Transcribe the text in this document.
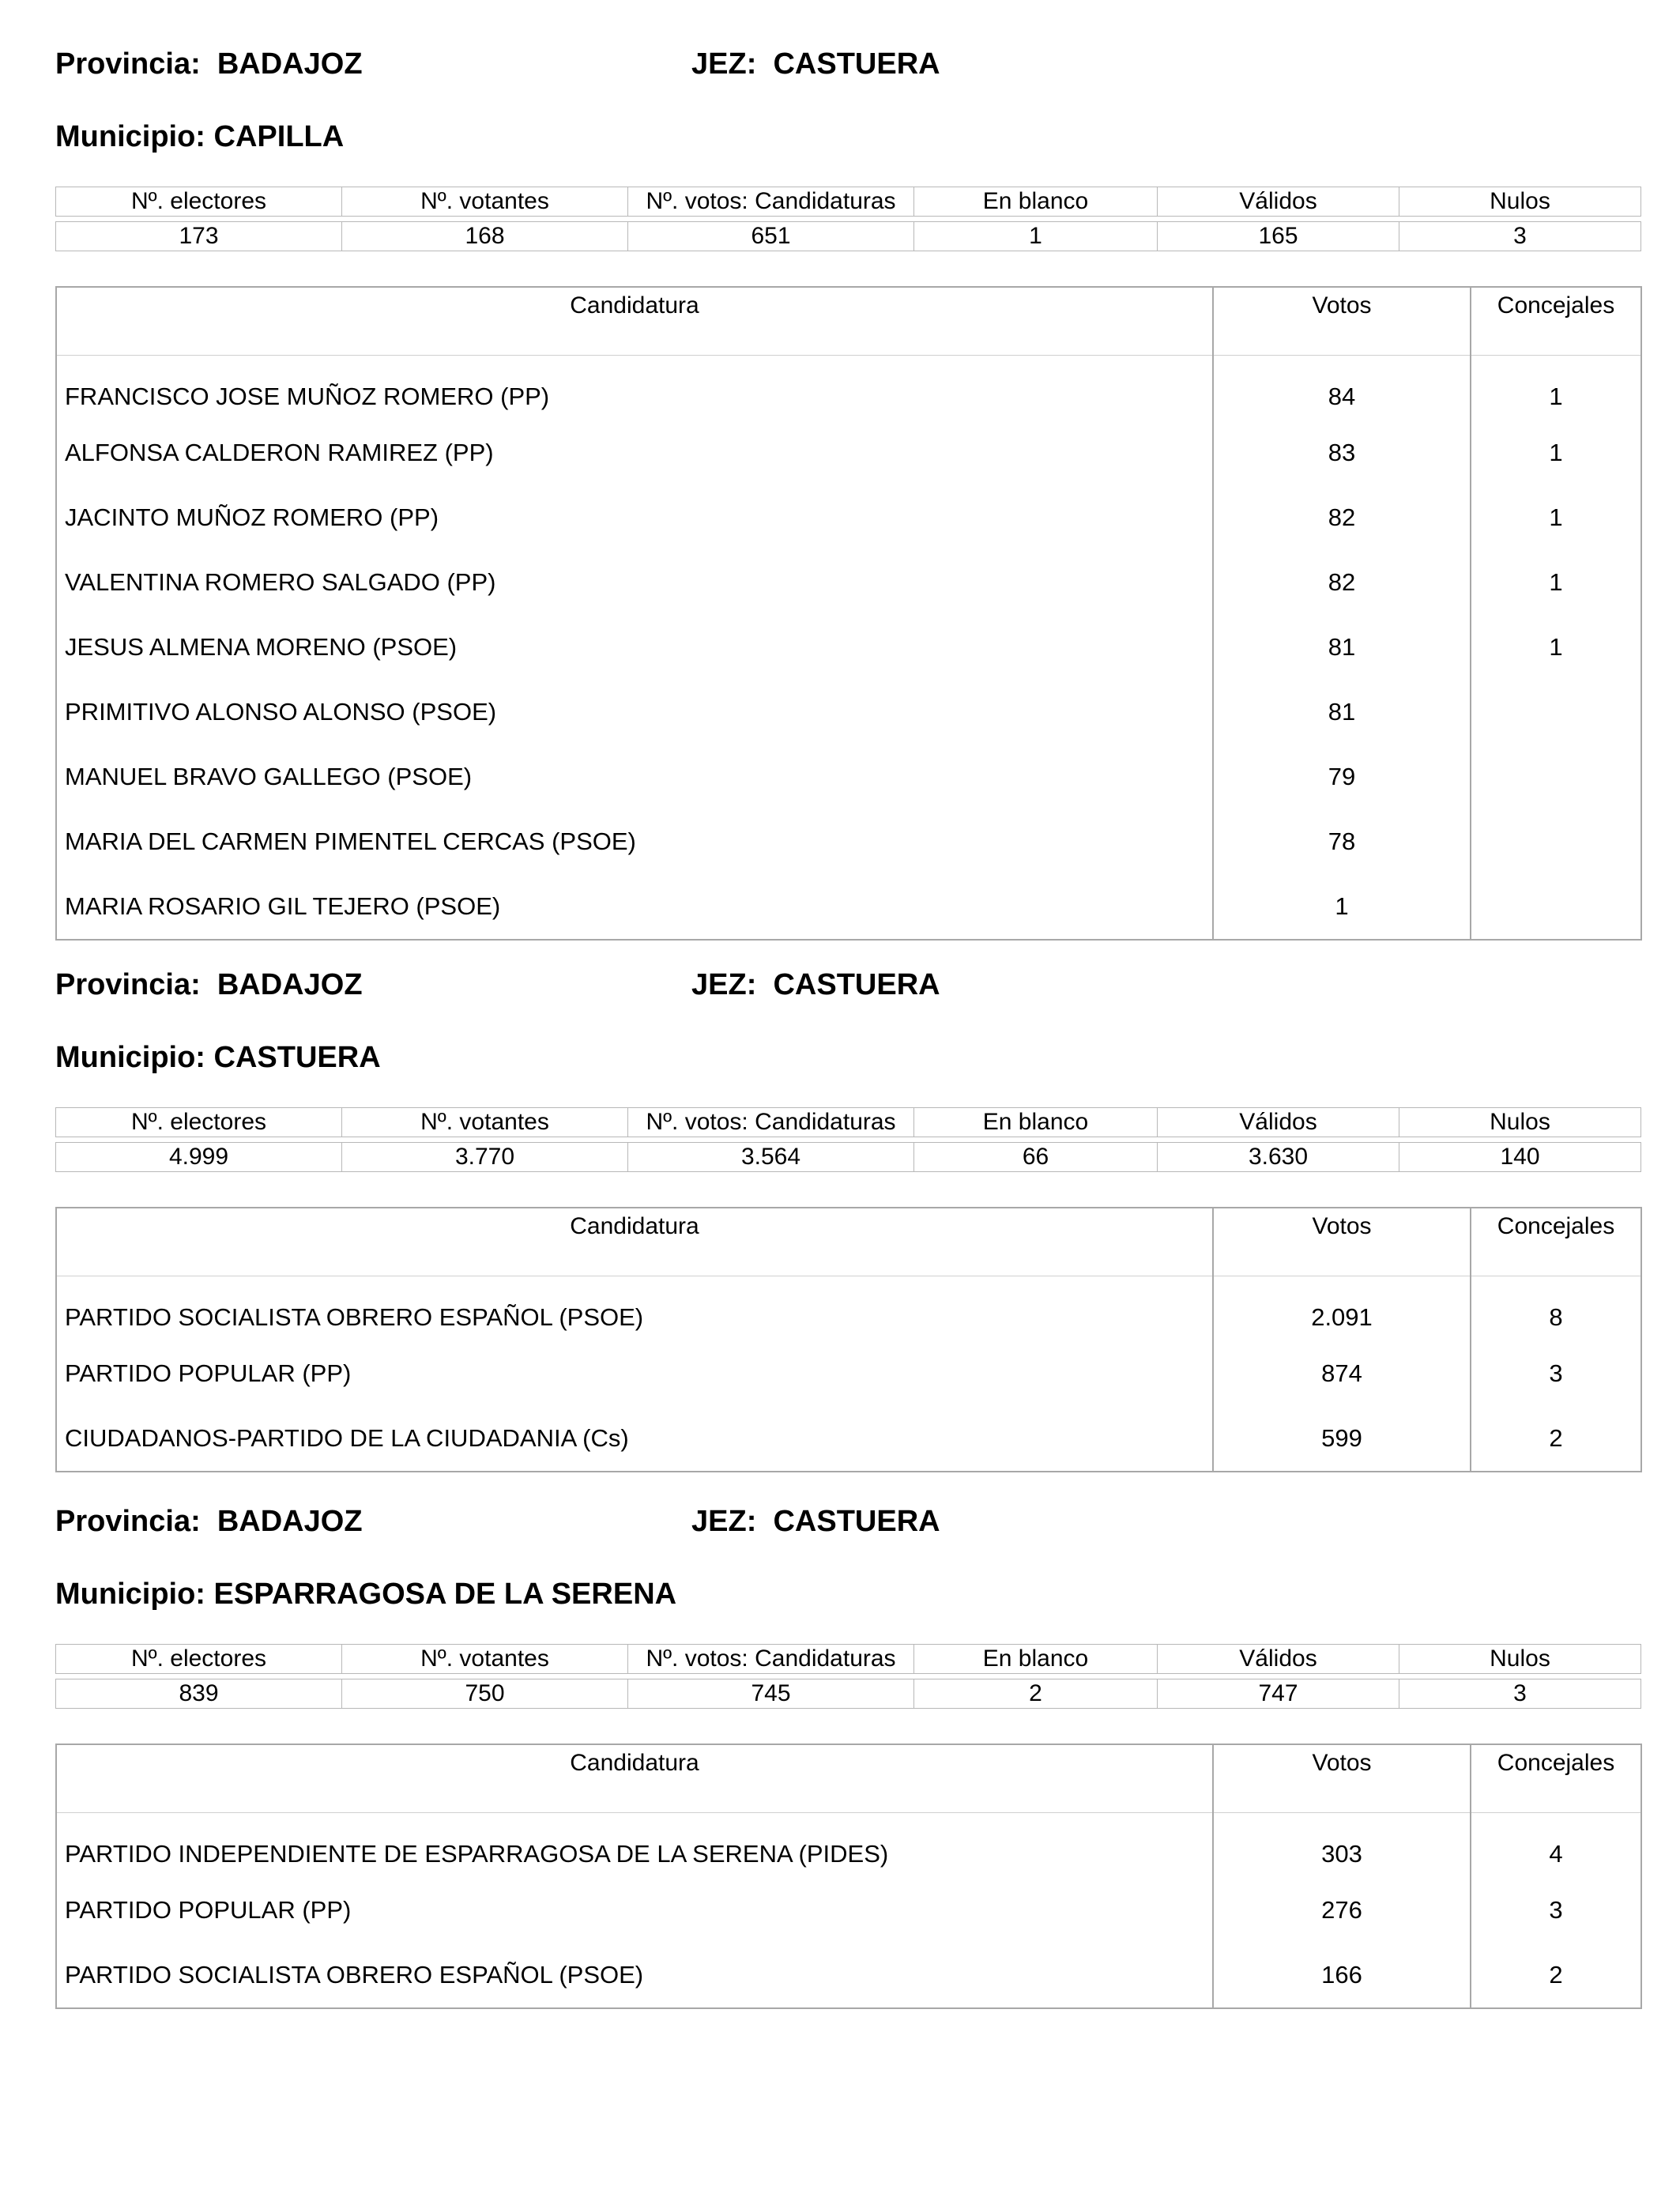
Provincia: BADAJOZ	JEZ: CASTUERA
Municipio: CAPILLA
Nº. electores	Nº. votantes	Nº. votos: Candidaturas	En blanco	Válidos	Nulos

173	168	651	1	165	3
Candidatura	Votos	Concejales
FRANCISCO JOSE MUÑOZ ROMERO (PP)	84	1
ALFONSA CALDERON RAMIREZ (PP)	83	1
JACINTO MUÑOZ ROMERO (PP)	82	1
VALENTINA ROMERO SALGADO (PP)	82	1
JESUS ALMENA MORENO (PSOE)	81	1
PRIMITIVO ALONSO ALONSO (PSOE)	81	
MANUEL BRAVO GALLEGO (PSOE)	79	
MARIA DEL CARMEN PIMENTEL CERCAS (PSOE)	78	
MARIA ROSARIO GIL TEJERO (PSOE)	1	
Provincia: BADAJOZ	JEZ: CASTUERA
Municipio: CASTUERA
Nº. electores	Nº. votantes	Nº. votos: Candidaturas	En blanco	Válidos	Nulos

4.999	3.770	3.564	66	3.630	140
Candidatura	Votos	Concejales
PARTIDO SOCIALISTA OBRERO ESPAÑOL (PSOE)	2.091	8
PARTIDO POPULAR (PP)	874	3
CIUDADANOS-PARTIDO DE LA CIUDADANIA (Cs)	599	2
Provincia: BADAJOZ	JEZ: CASTUERA
Municipio: ESPARRAGOSA DE LA SERENA
Nº. electores	Nº. votantes	Nº. votos: Candidaturas	En blanco	Válidos	Nulos

839	750	745	2	747	3
Candidatura	Votos	Concejales
PARTIDO INDEPENDIENTE DE ESPARRAGOSA DE LA SERENA (PIDES)	303	4
PARTIDO POPULAR (PP)	276	3
PARTIDO SOCIALISTA OBRERO ESPAÑOL (PSOE)	166	2
